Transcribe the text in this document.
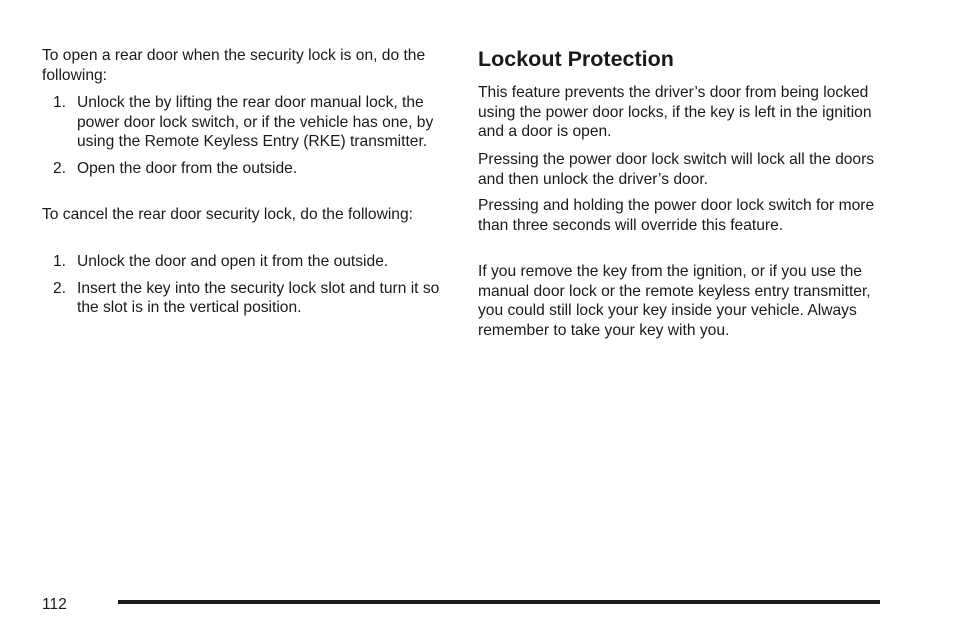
To open a rear door when the security lock is on, do the following:

1. Unlock the by lifting the rear door manual lock, the power door lock switch, or if the vehicle has one, by using the Remote Keyless Entry (RKE) transmitter.
2. Open the door from the outside.

To cancel the rear door security lock, do the following:

1. Unlock the door and open it from the outside.
2. Insert the key into the security lock slot and turn it so the slot is in the vertical position.
Lockout Protection

This feature prevents the driver’s door from being locked using the power door locks, if the key is left in the ignition and a door is open.

Pressing the power door lock switch will lock all the doors and then unlock the driver’s door.

Pressing and holding the power door lock switch for more than three seconds will override this feature.

If you remove the key from the ignition, or if you use the manual door lock or the remote keyless entry transmitter, you could still lock your key inside your vehicle. Always remember to take your key with you.

112
